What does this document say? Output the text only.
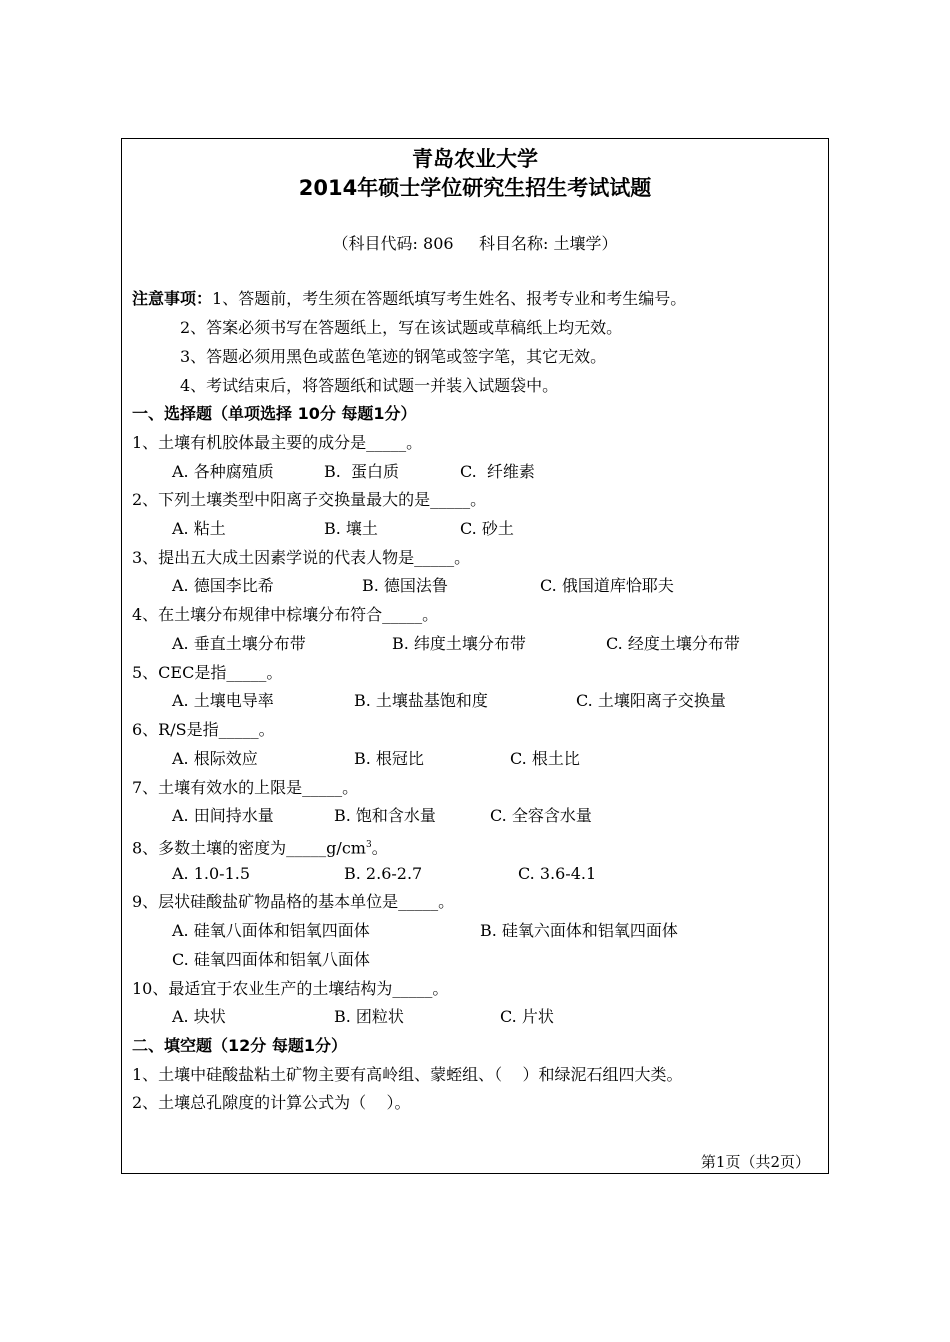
青岛农业大学
2014年硕士学位研究生招生考试试题
（科目代码: 806     科目名称: 土壤学）
注意事项：1、答题前，考生须在答题纸填写考生姓名、报考专业和考生编号。
2、答案必须书写在答题纸上，写在该试题或草稿纸上均无效。
3、答题必须用黑色或蓝色笔迹的钢笔或签字笔，其它无效。
4、考试结束后，将答题纸和试题一并装入试题袋中。
一、选择题（单项选择 10分 每题1分）
1、土壤有机胶体最主要的成分是_____。
A. 各种腐殖质	B.  蛋白质	C.  纤维素
2、下列土壤类型中阳离子交换量最大的是_____。
A. 粘土	B. 壤土	C. 砂土
3、提出五大成土因素学说的代表人物是_____。
A. 德国李比希	B. 德国法鲁	C. 俄国道库恰耶夫
4、在土壤分布规律中棕壤分布符合_____。
A. 垂直土壤分布带	B. 纬度土壤分布带	C. 经度土壤分布带
5、CEC是指_____。
A. 土壤电导率	B. 土壤盐基饱和度	C. 土壤阳离子交换量
6、R/S是指_____。
A. 根际效应	B. 根冠比	C. 根土比
7、土壤有效水的上限是_____。
A. 田间持水量	B. 饱和含水量	C. 全容含水量
8、多数土壤的密度为$\_\_\_\_\_g/cm^3$。
A. 1.0-1.5	B. 2.6-2.7	C. 3.6-4.1
9、层状硅酸盐矿物晶格的基本单位是_____。
A. 硅氧八面体和铝氧四面体	B. 硅氧六面体和铝氧四面体
C. 硅氧四面体和铝氧八面体
10、最适宜于农业生产的土壤结构为_____。
A. 块状	B. 团粒状	C. 片状
二、填空题（12分 每题1分）
1、土壤中硅酸盐粘土矿物主要有高岭组、蒙蛭组、（    ）和绿泥石组四大类。
2、土壤总孔隙度的计算公式为（    ）。
第1页（共2页）
